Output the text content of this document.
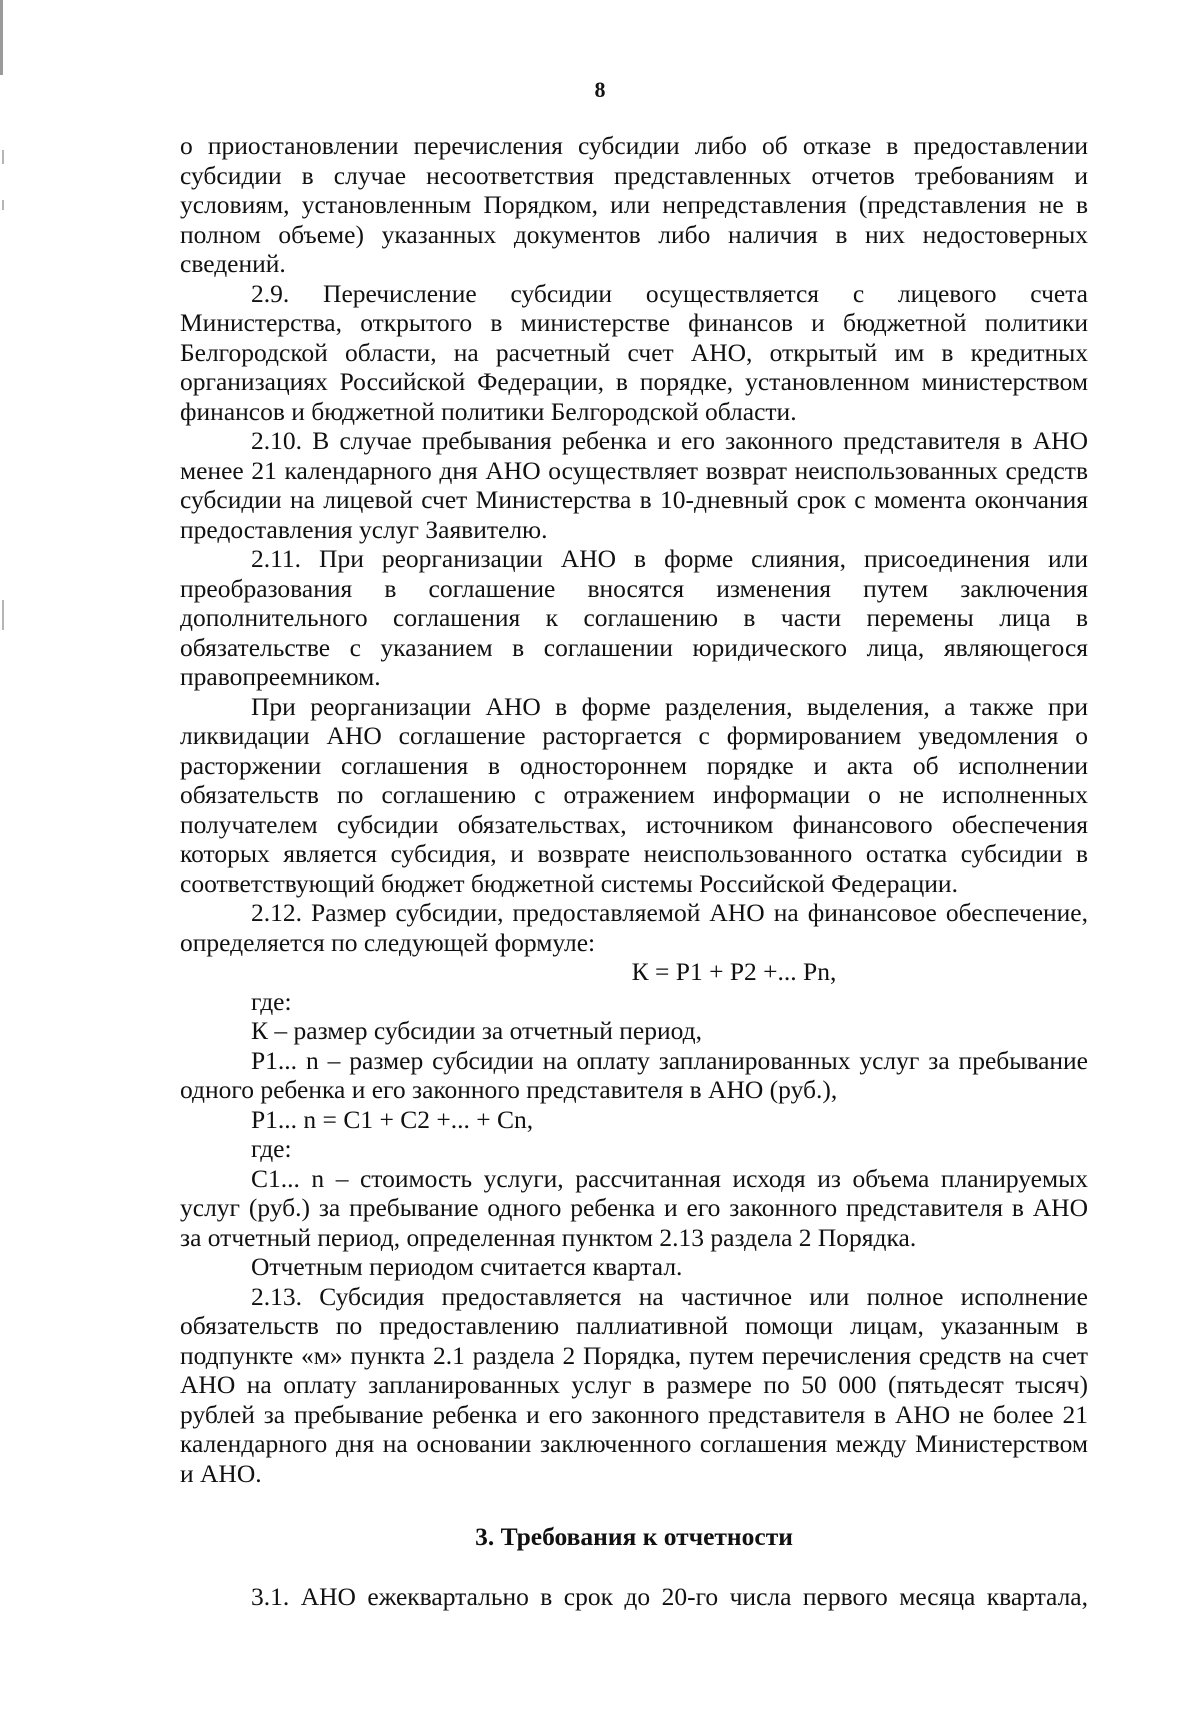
8

о приостановлении перечисления субсидии либо об отказе в предоставлении субсидии в случае несоответствия представленных отчетов требованиям и условиям, установленным Порядком, или непредставления (представления не в полном объеме) указанных документов либо наличия в них недостоверных сведений.

2.9. Перечисление субсидии осуществляется с лицевого счета Министерства, открытого в министерстве финансов и бюджетной политики Белгородской области, на расчетный счет АНО, открытый им в кредитных организациях Российской Федерации, в порядке, установленном министерством финансов и бюджетной политики Белгородской области.

2.10. В случае пребывания ребенка и его законного представителя в АНО менее 21 календарного дня АНО осуществляет возврат неиспользованных средств субсидии на лицевой счет Министерства в 10-дневный срок с момента окончания предоставления услуг Заявителю.

2.11. При реорганизации АНО в форме слияния, присоединения или преобразования в соглашение вносятся изменения путем заключения дополнительного соглашения к соглашению в части перемены лица в обязательстве с указанием в соглашении юридического лица, являющегося правопреемником.

При реорганизации АНО в форме разделения, выделения, а также при ликвидации АНО соглашение расторгается с формированием уведомления о расторжении соглашения в одностороннем порядке и акта об исполнении обязательств по соглашению с отражением информации о не исполненных получателем субсидии обязательствах, источником финансового обеспечения которых является субсидия, и возврате неиспользованного остатка субсидии в соответствующий бюджет бюджетной системы Российской Федерации.

2.12. Размер субсидии, предоставляемой АНО на финансовое обеспечение, определяется по следующей формуле:

К = Р1 + Р2 +... Рn,

где:

К – размер субсидии за отчетный период,

Р1... n – размер субсидии на оплату запланированных услуг за пребывание одного ребенка и его законного представителя в АНО (руб.),

Р1... n = С1 + С2 +... + Сn,

где:

С1... n – стоимость услуги, рассчитанная исходя из объема планируемых услуг (руб.) за пребывание одного ребенка и его законного представителя в АНО за отчетный период, определенная пунктом 2.13 раздела 2 Порядка.

Отчетным периодом считается квартал.

2.13. Субсидия предоставляется на частичное или полное исполнение обязательств по предоставлению паллиативной помощи лицам, указанным в подпункте «м» пункта 2.1 раздела 2 Порядка, путем перечисления средств на счет АНО на оплату запланированных услуг в размере по 50 000 (пятьдесят тысяч) рублей за пребывание ребенка и его законного представителя в АНО не более 21 календарного дня на основании заключенного соглашения между Министерством и АНО.

3. Требования к отчетности

3.1. АНО ежеквартально в срок до 20-го числа первого месяца квартала,
